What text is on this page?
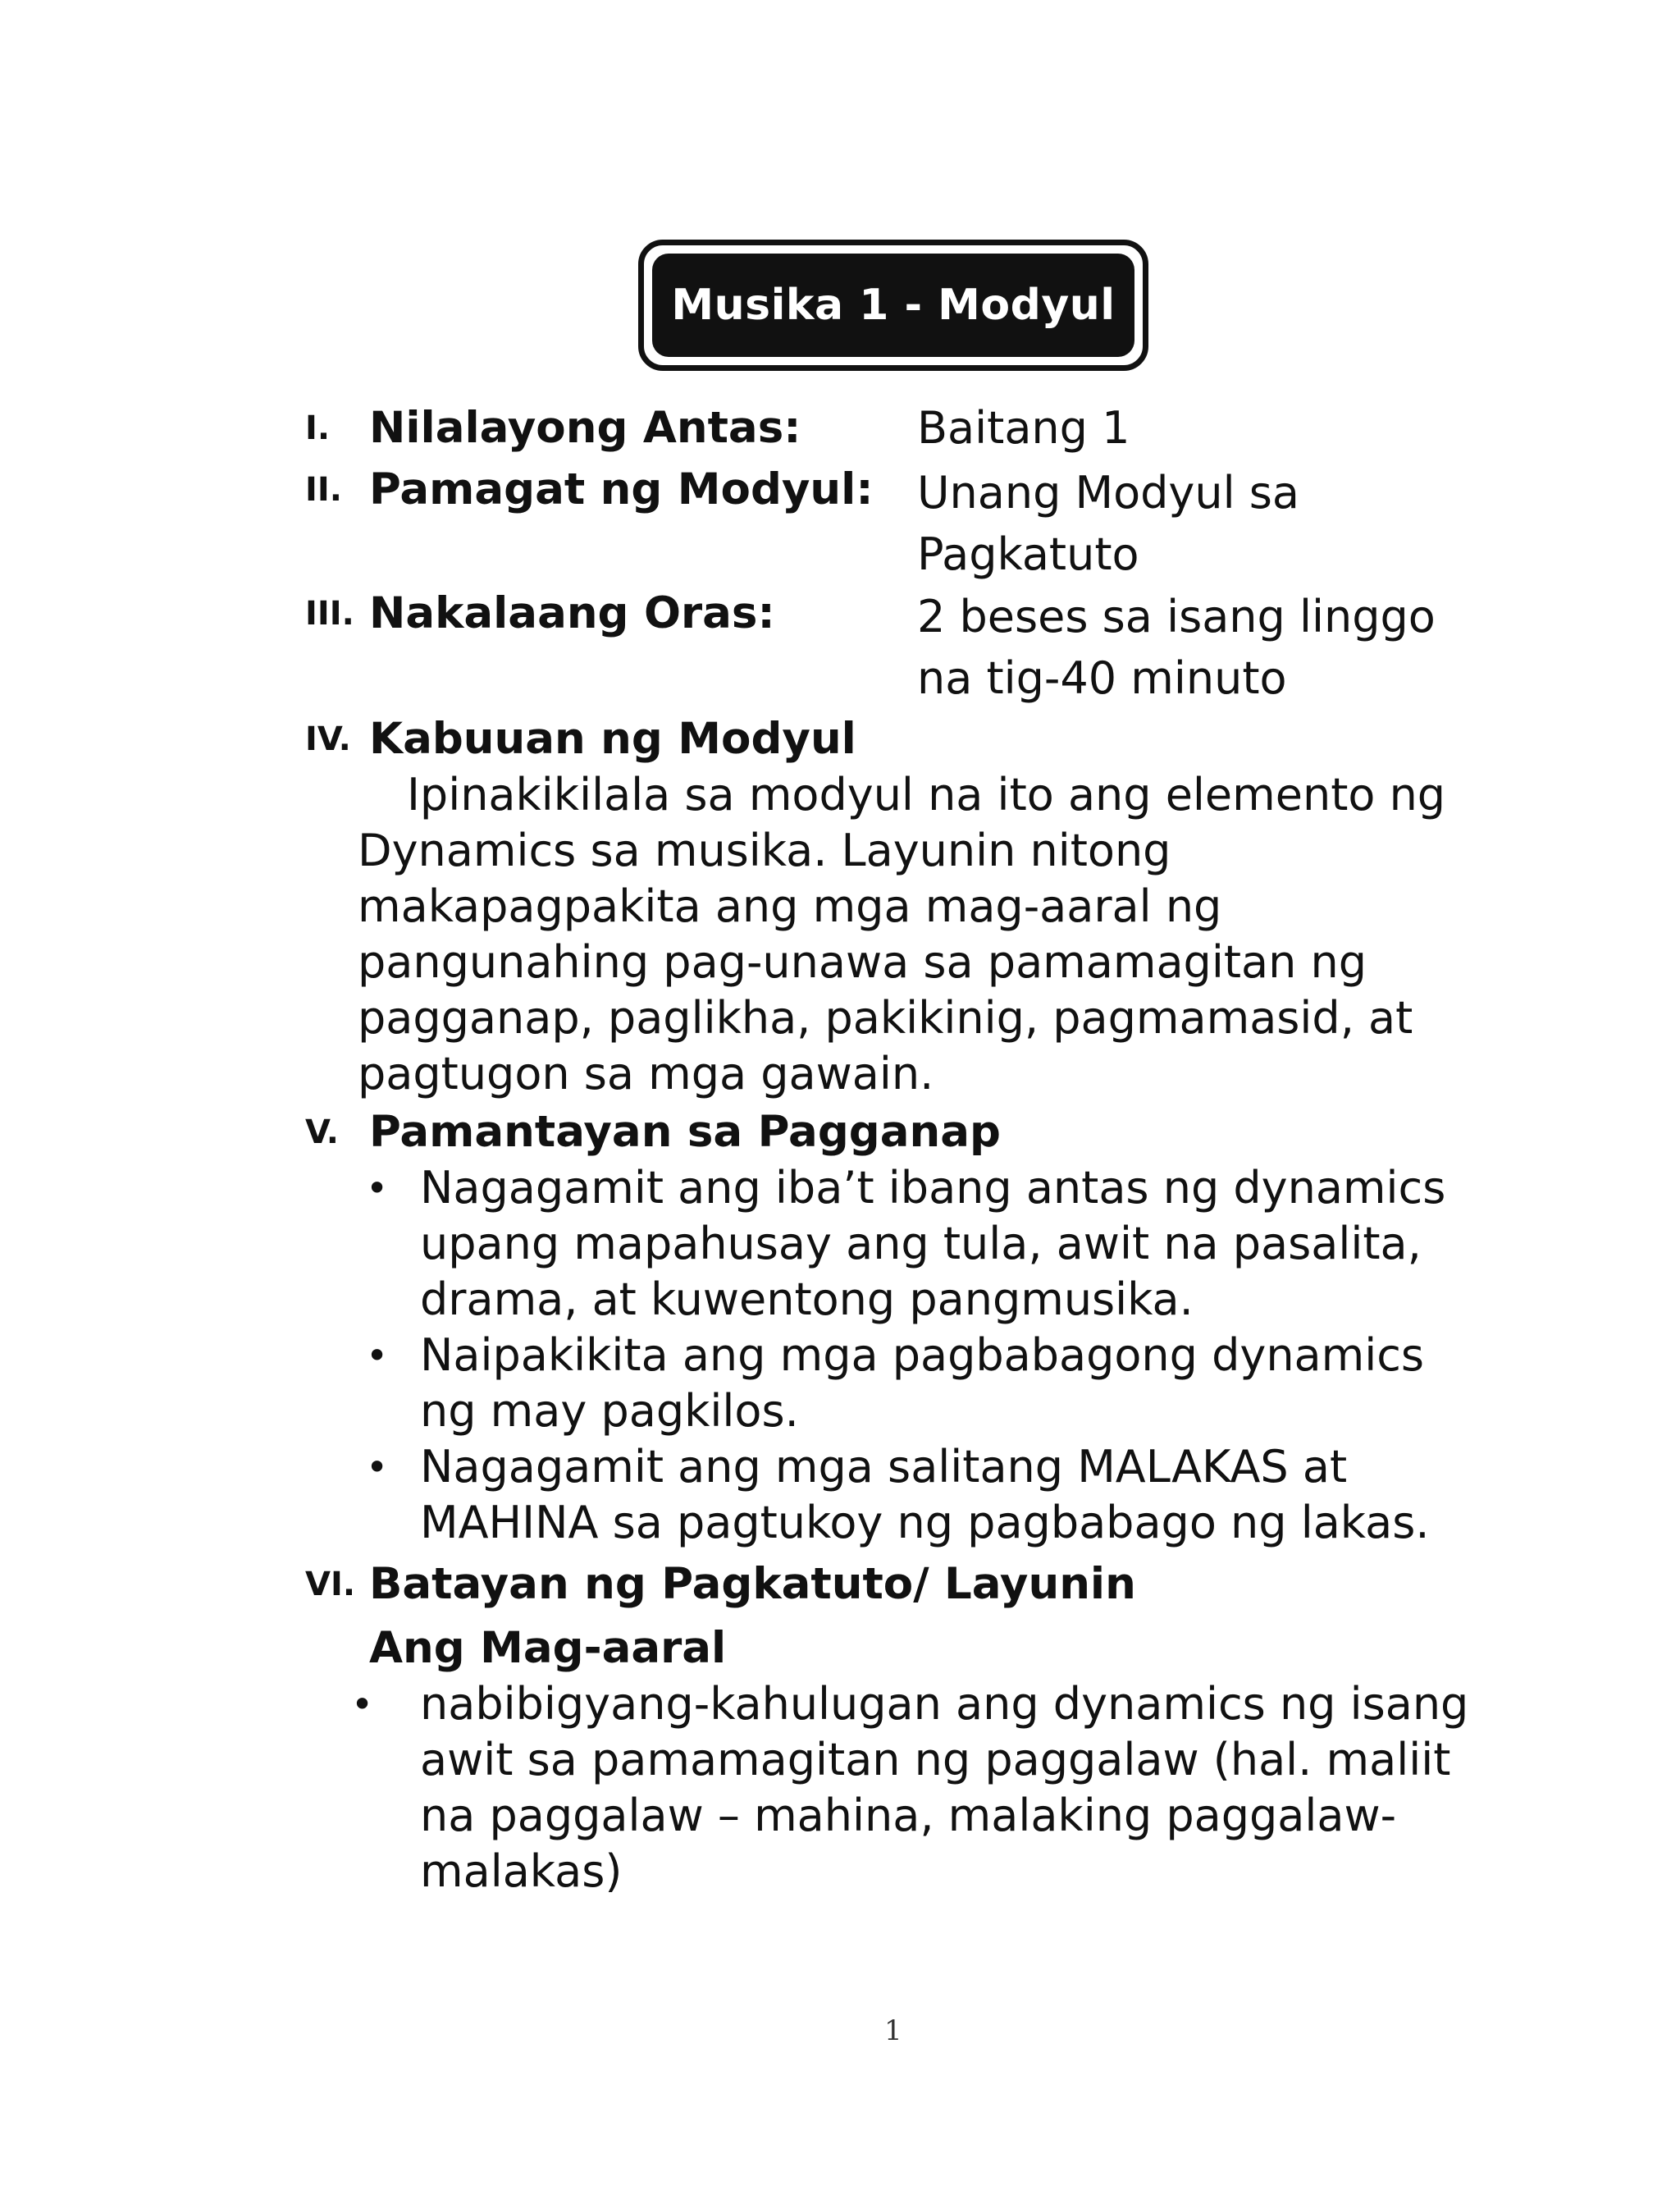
Musika 1 - Modyul
I. Nilalayong Antas:	Baitang 1
II. Pamagat ng Modyul: Unang Modyul sa
Pagkatuto
III. Nakalaang Oras:	2 beses sa isang linggo
na tig-40 minuto
IV. Kabuuan ng Modyul
Ipinakikilala sa modyul na ito ang elemento ng
Dynamics sa musika. Layunin nitong
makapagpakita ang mga mag-aaral ng
pangunahing pag-unawa sa pamamagitan ng
pagganap, paglikha, pakikinig, pagmamasid, at
pagtugon sa mga gawain.
V. Pamantayan sa Pagganap
• Nagagamit ang iba’t ibang antas ng dynamics
upang mapahusay ang tula, awit na pasalita,
drama, at kuwentong pangmusika.
• Naipakikita ang mga pagbabagong dynamics
ng may pagkilos.
• Nagagamit ang mga salitang MALAKAS at
MAHINA sa pagtukoy ng pagbabago ng lakas.
VI. Batayan ng Pagkatuto/ Layunin
Ang Mag-aaral
• nabibigyang-kahulugan ang dynamics ng isang
awit sa pamamagitan ng paggalaw (hal. maliit
na paggalaw – mahina, malaking paggalaw-
malakas)
1
